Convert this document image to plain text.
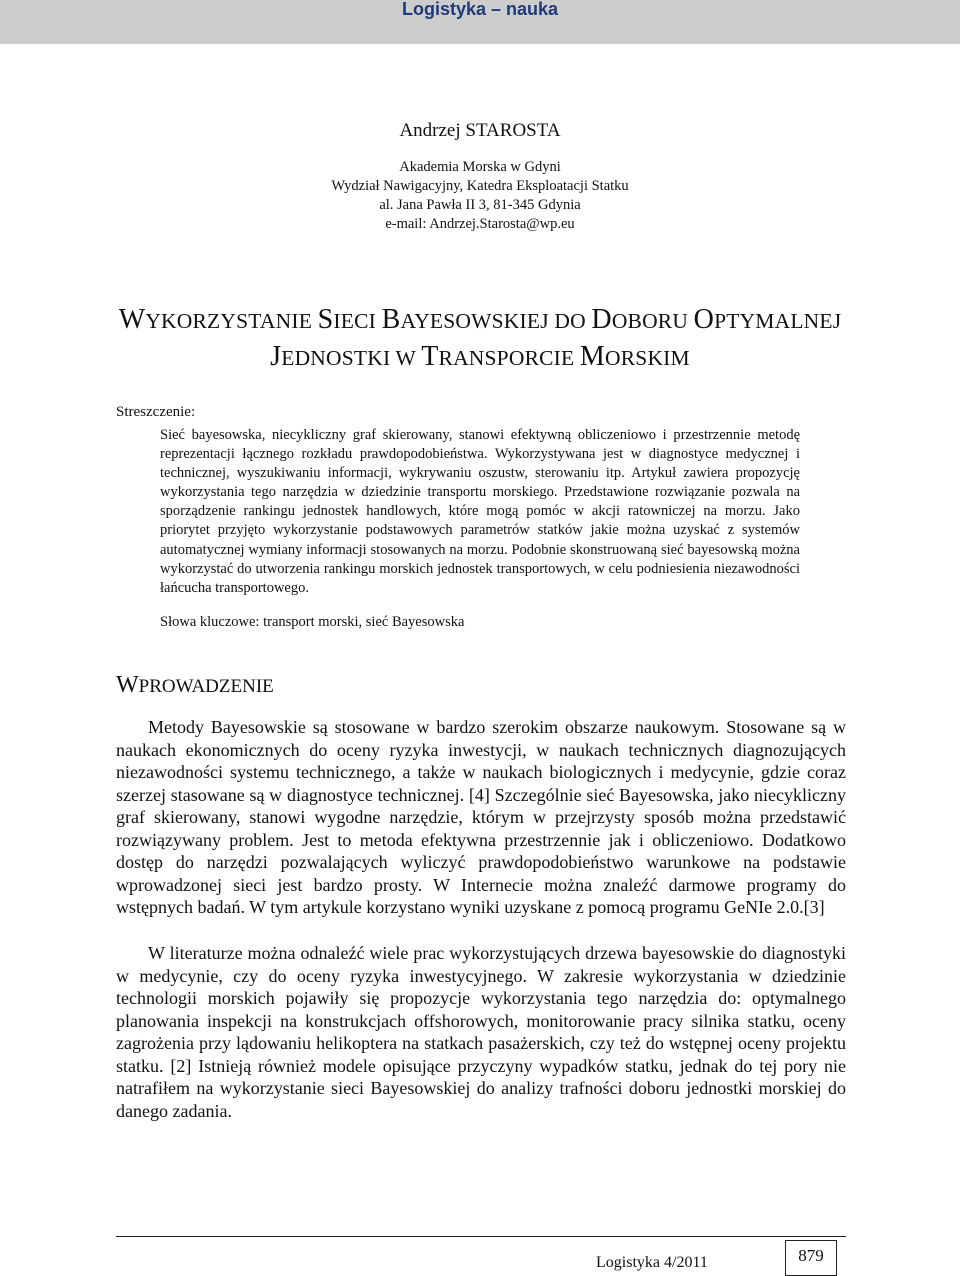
Logistyka – nauka
Andrzej STAROSTA
Akademia Morska w Gdyni
Wydział Nawigacyjny, Katedra Eksploatacji Statku
al. Jana Pawła II 3, 81-345 Gdynia
e-mail: Andrzej.Starosta@wp.eu
WYKORZYSTANIE SIECI BAYESOWSKIEJ DO DOBORU OPTYMALNEJ
JEDNOSTKI W TRANSPORCIE MORSKIM
Streszczenie:
Sieć bayesowska, niecykliczny graf skierowany, stanowi efektywną obliczeniowo i przestrzennie metodę reprezentacji łącznego rozkładu prawdopodobieństwa. Wykorzystywana jest w diagnostyce medycznej i technicznej, wyszukiwaniu informacji, wykrywaniu oszustw, sterowaniu itp. Artykuł zawiera propozycję wykorzystania tego narzędzia w dziedzinie transportu morskiego. Przedstawione rozwiązanie pozwala na sporządzenie rankingu jednostek handlowych, które mogą pomóc w akcji ratowniczej na morzu. Jako priorytet przyjęto wykorzystanie podstawowych parametrów statków jakie można uzyskać z systemów automatycznej wymiany informacji stosowanych na morzu. Podobnie skonstruowaną sieć bayesowską można wykorzystać do utworzenia rankingu morskich jednostek transportowych, w celu podniesienia niezawodności łańcucha transportowego.
Słowa kluczowe: transport morski, sieć Bayesowska
WPROWADZENIE
Metody Bayesowskie są stosowane w bardzo szerokim obszarze naukowym. Stosowane są w naukach ekonomicznych do oceny ryzyka inwestycji, w naukach technicznych diagnozujących niezawodności systemu technicznego, a także w naukach biologicznych i medycynie, gdzie coraz szerzej stasowane są w diagnostyce technicznej. [4] Szczególnie sieć Bayesowska, jako niecykliczny graf skierowany, stanowi wygodne narzędzie, którym w przejrzysty sposób można przedstawić rozwiązywany problem. Jest to metoda efektywna przestrzennie jak i obliczeniowo. Dodatkowo dostęp do narzędzi pozwalających wyliczyć prawdopodobieństwo warunkowe na podstawie wprowadzonej sieci jest bardzo prosty. W Internecie można znaleźć darmowe programy do wstępnych badań. W tym artykule korzystano wyniki uzyskane z pomocą programu GeNIe 2.0.[3]
W literaturze można odnaleźć wiele prac wykorzystujących drzewa bayesowskie do diagnostyki w medycynie, czy do oceny ryzyka inwestycyjnego. W zakresie wykorzystania w dziedzinie technologii morskich pojawiły się propozycje wykorzystania tego narzędzia do: optymalnego planowania inspekcji na konstrukcjach offshorowych, monitorowanie pracy silnika statku, oceny zagrożenia przy lądowaniu helikoptera na statkach pasażerskich, czy też do wstępnej oceny projektu statku. [2] Istnieją również modele opisujące przyczyny wypadków statku, jednak do tej pory nie natrafiłem na wykorzystanie sieci Bayesowskiej do analizy trafności doboru jednostki morskiej do danego zadania.
Logistyka 4/2011	879
